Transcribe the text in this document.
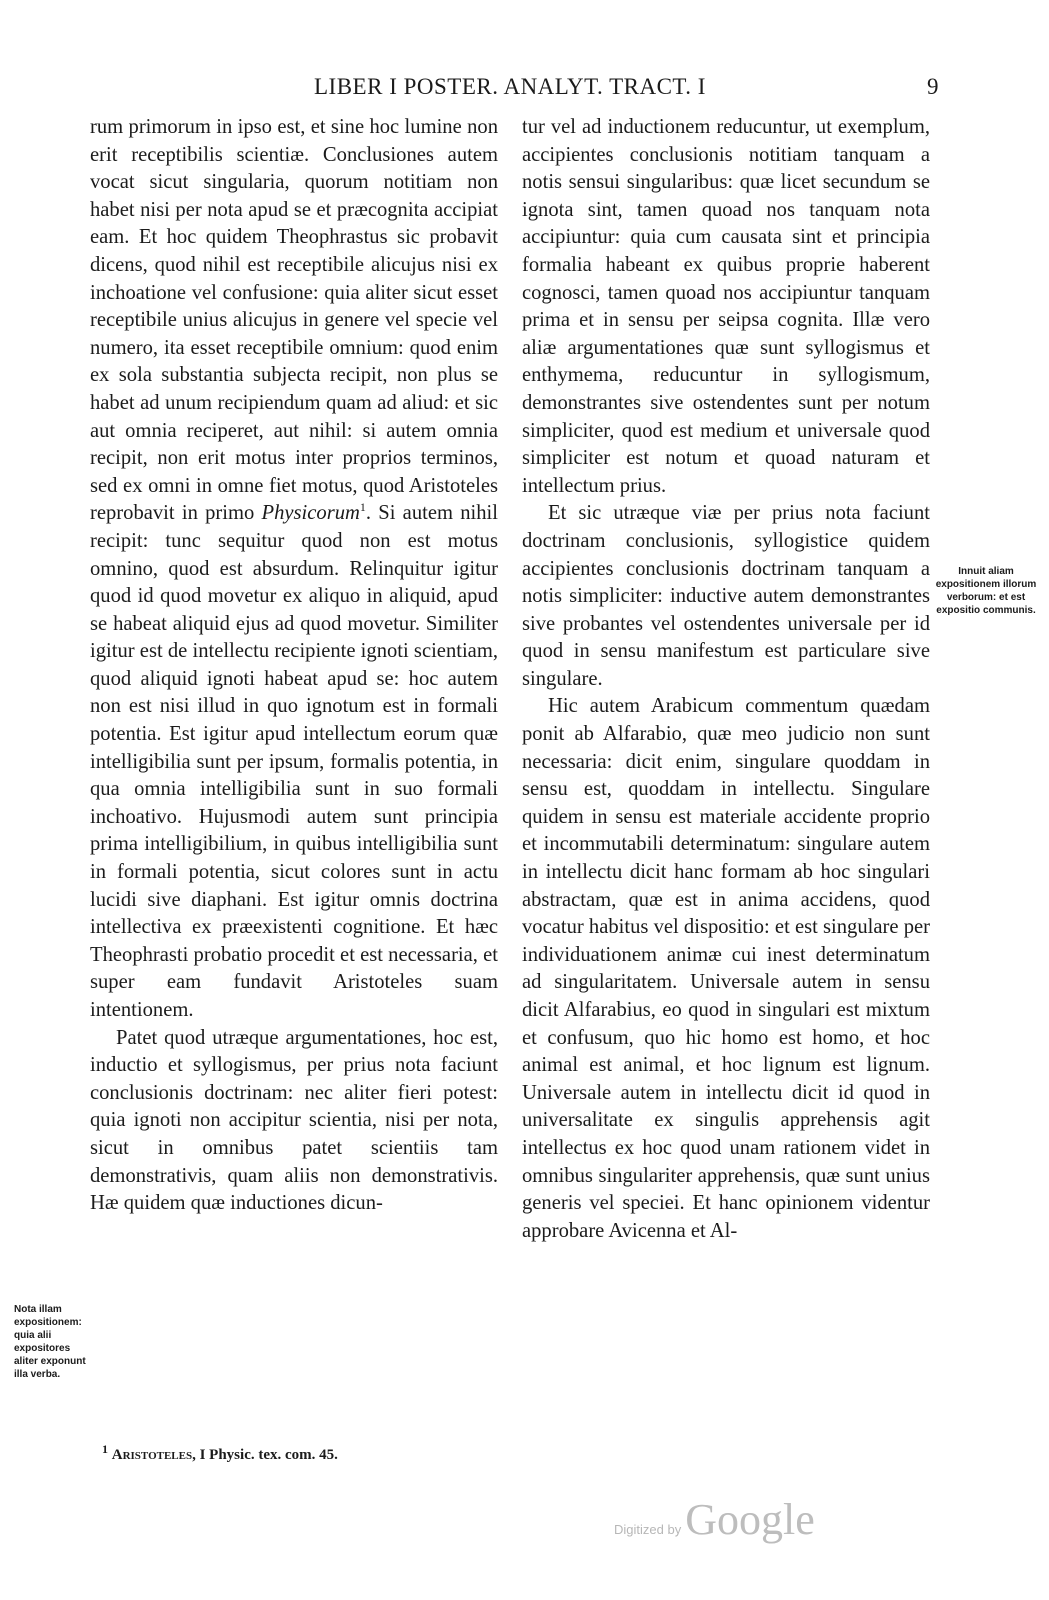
LIBER I POSTER. ANALYT. TRACT. I	9

rum primorum in ipso est, et sine hoc lumine non erit receptibilis scientiæ. Conclusiones autem vocat sicut singularia, quorum notitiam non habet nisi per nota apud se et præcognita accipiat eam. Et hoc quidem Theophrastus sic probavit dicens, quod nihil est receptibile alicujus nisi ex inchoatione vel confusione: quia aliter sicut esset receptibile unius alicujus in genere vel specie vel numero, ita esset receptibile omnium: quod enim ex sola substantia subjecta recipit, non plus se habet ad unum recipiendum quam ad aliud: et sic aut omnia reciperet, aut nihil: si autem omnia recipit, non erit motus inter proprios terminos, sed ex omni in omne fiet motus, quod Aristoteles reprobavit in primo Physicorum$^1$. Si autem nihil recipit: tunc sequitur quod non est motus omnino, quod est absurdum. Relinquitur igitur quod id quod movetur ex aliquo in aliquid, apud se habeat aliquid ejus ad quod movetur. Similiter igitur est de intellectu recipiente ignoti scientiam, quod aliquid ignoti habeat apud se: hoc autem non est nisi illud in quo ignotum est in formali potentia. Est igitur apud intellectum eorum quæ intelligibilia sunt per ipsum, formalis potentia, in qua omnia intelligibilia sunt in suo formali inchoativo. Hujusmodi autem sunt principia prima intelligibilium, in quibus intelligibilia sunt in formali potentia, sicut colores sunt in actu lucidi sive diaphani. Est igitur omnis doctrina intellectiva ex præexistenti cognitione. Et hæc Theophrasti probatio procedit et est necessaria, et super eam fundavit Aristoteles suam intentionem.

Patet quod utræque argumentationes, hoc est, inductio et syllogismus, per prius nota faciunt conclusionis doctrinam: nec aliter fieri potest: quia ignoti non accipitur scientia, nisi per nota, sicut in omnibus patet scientiis tam demonstrativis, quam aliis non demonstrativis. Hæ quidem quæ inductiones dicun-

tur vel ad inductionem reducuntur, ut exemplum, accipientes conclusionis notitiam tanquam a notis sensui singularibus: quæ licet secundum se ignota sint, tamen quoad nos tanquam nota accipiuntur: quia cum causata sint et principia formalia habeant ex quibus proprie haberent cognosci, tamen quoad nos accipiuntur tanquam prima et in sensu per seipsa cognita. Illæ vero aliæ argumentationes quæ sunt syllogismus et enthymema, reducuntur in syllogismum, demonstrantes sive ostendentes sunt per notum simpliciter, quod est medium et universale quod simpliciter est notum et quoad naturam et intellectum prius.

Et sic utræque viæ per prius nota faciunt doctrinam conclusionis, syllogistice quidem accipientes conclusionis doctrinam tanquam a notis simpliciter: inductive autem demonstrantes sive probantes vel ostendentes universale per id quod in sensu manifestum est particulare sive singulare.

Hic autem Arabicum commentum quædam ponit ab Alfarabio, quæ meo judicio non sunt necessaria: dicit enim, singulare quoddam in sensu est, quoddam in intellectu. Singulare quidem in sensu est materiale accidente proprio et incommutabili determinatum: singulare autem in intellectu dicit hanc formam ab hoc singulari abstractam, quæ est in anima accidens, quod vocatur habitus vel dispositio: et est singulare per individuationem animæ cui inest determinatum ad singularitatem. Universale autem in sensu dicit Alfarabius, eo quod in singulari est mixtum et confusum, quo hic homo est homo, et hoc animal est animal, et hoc lignum est lignum. Universale autem in intellectu dicit id quod in universalitate ex singulis apprehensis agit intellectus ex hoc quod unam rationem videt in omnibus singulariter apprehensis, quæ sunt unius generis vel speciei. Et hanc opinionem videntur approbare Avicenna et Al-

Nota illam expositionem: quia alii expositores aliter exponunt illa verba.
Innuit aliam expositionem illorum verborum: et est expositio communis.
$^1$ Aristoteles, I Physic. tex. com. 45.
Digitized by Google
